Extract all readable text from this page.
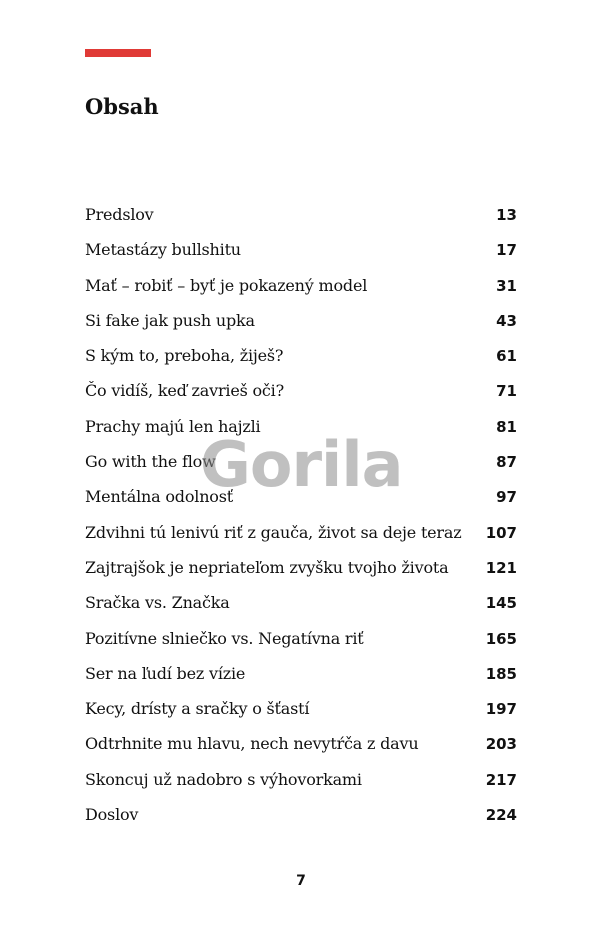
Obsah
Predslov	13
Metastázy bullshitu	17
Mať – robiť – byť je pokazený model	31
Si fake jak push upka	43
S kým to, preboha, žiješ?	61
Čo vidíš, keď zavrieš oči?	71
Prachy majú len hajzli	81
Go with the flow	87
Mentálna odolnosť	97
Zdvihni tú lenivú riť z gauča, život sa deje teraz 107
Zajtrajšok je nepriateľom zvyšku tvojho života 121
Sračka vs. Značka	145
Pozitívne slniečko vs. Negatívna riť	165
Ser na ľudí bez vízie	185
Kecy, drísty a sračky o šťastí	197
Odtrhnite mu hlavu, nech nevytŕča z davu	203
Skoncuj už nadobro s výhovorkami	217
Doslov	224
Gorila
7
